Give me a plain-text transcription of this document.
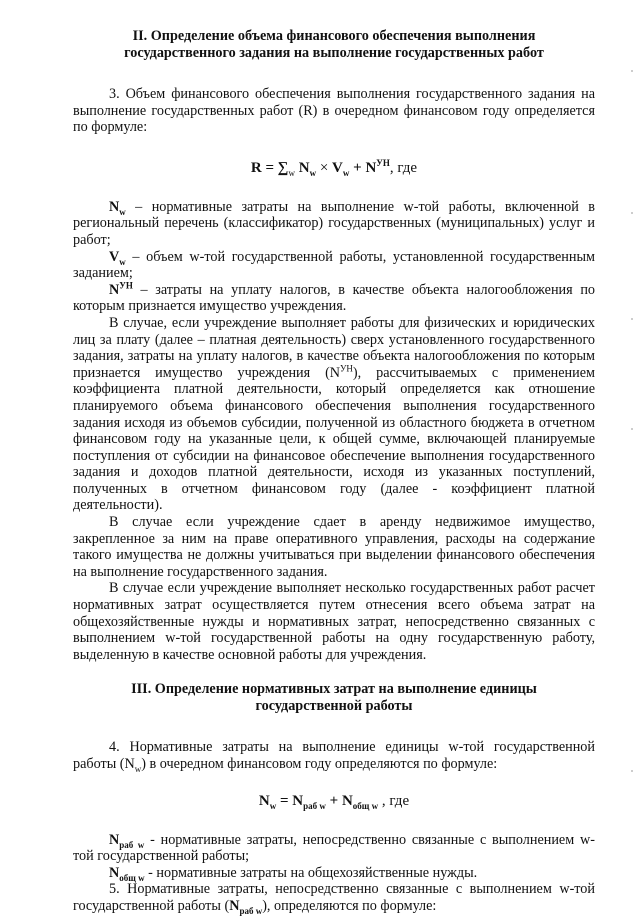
II. Определение объема финансового обеспечения выполнения
государственного задания на выполнение государственных работ

3. Объем финансового обеспечения выполнения государственного задания на выполнение государственных работ (R) в очередном финансовом году определяется по формуле:

$R = \sum_w$ $N_w \times V_w + N^{УН}$, где

$N_w$ – нормативные затраты на выполнение w-той работы, включенной в региональный перечень (классификатор) государственных (муниципальных) услуг и работ;

$V_w$ – объем w-той государственной работы, установленной государственным заданием;

$N^{УН}$ – затраты на уплату налогов, в качестве объекта налогообложения по которым признается имущество учреждения.

В случае, если учреждение выполняет работы для физических и юридических лиц за плату (далее – платная деятельность) сверх установленного государственного задания, затраты на уплату налогов, в качестве объекта налогообложения по которым признается имущество учреждения $(N^{УН})$, рассчитываемых с применением коэффициента платной деятельности, который определяется как отношение планируемого объема финансового обеспечения выполнения государственного задания исходя из объемов субсидии, полученной из областного бюджета в отчетном финансовом году на указанные цели, к общей сумме, включающей планируемые поступления от субсидии на финансовое обеспечение выполнения государственного задания и доходов платной деятельности, исходя из указанных поступлений, полученных в отчетном финансовом году (далее - коэффициент платной деятельности).

В случае если учреждение сдает в аренду недвижимое имущество, закрепленное за ним на праве оперативного управления, расходы на содержание такого имущества не должны учитываться при выделении финансового обеспечения на выполнение государственного задания.

В случае если учреждение выполняет несколько государственных работ расчет нормативных затрат осуществляется путем отнесения всего объема затрат на общехозяйственные нужды и нормативных затрат, непосредственно связанных с выполнением w-той государственной работы на одну государственную работу, выделенную в качестве основной работы для учреждения.

III. Определение нормативных затрат на выполнение единицы
государственной работы

4. Нормативные затраты на выполнение единицы w-той государственной работы $(N_w)$ в очередном финансовом году определяются по формуле:

$N_w = N_{раб w} + N_{общ w}$ , где

$N_{раб w}$ - нормативные затраты, непосредственно связанные с выполнением w-той государственной работы;

$N_{общ w}$ - нормативные затраты на общехозяйственные нужды.

5. Нормативные затраты, непосредственно связанные с выполнением w-той государственной работы $(N_{раб w})$, определяются по формуле:
